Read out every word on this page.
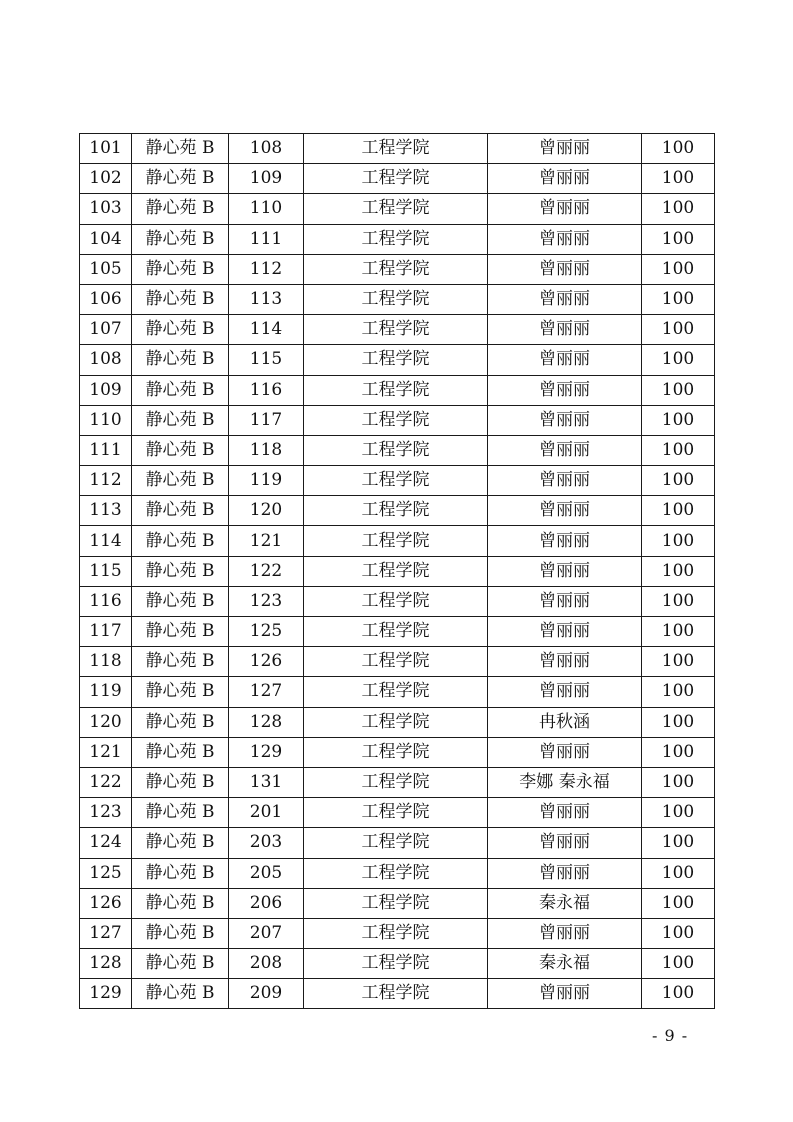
101	静心苑 B	108	工程学院	曾丽丽	100
102	静心苑 B	109	工程学院	曾丽丽	100
103	静心苑 B	110	工程学院	曾丽丽	100
104	静心苑 B	111	工程学院	曾丽丽	100
105	静心苑 B	112	工程学院	曾丽丽	100
106	静心苑 B	113	工程学院	曾丽丽	100
107	静心苑 B	114	工程学院	曾丽丽	100
108	静心苑 B	115	工程学院	曾丽丽	100
109	静心苑 B	116	工程学院	曾丽丽	100
110	静心苑 B	117	工程学院	曾丽丽	100
111	静心苑 B	118	工程学院	曾丽丽	100
112	静心苑 B	119	工程学院	曾丽丽	100
113	静心苑 B	120	工程学院	曾丽丽	100
114	静心苑 B	121	工程学院	曾丽丽	100
115	静心苑 B	122	工程学院	曾丽丽	100
116	静心苑 B	123	工程学院	曾丽丽	100
117	静心苑 B	125	工程学院	曾丽丽	100
118	静心苑 B	126	工程学院	曾丽丽	100
119	静心苑 B	127	工程学院	曾丽丽	100
120	静心苑 B	128	工程学院	冉秋涵	100
121	静心苑 B	129	工程学院	曾丽丽	100
122	静心苑 B	131	工程学院	李娜 秦永福	100
123	静心苑 B	201	工程学院	曾丽丽	100
124	静心苑 B	203	工程学院	曾丽丽	100
125	静心苑 B	205	工程学院	曾丽丽	100
126	静心苑 B	206	工程学院	秦永福	100
127	静心苑 B	207	工程学院	曾丽丽	100
128	静心苑 B	208	工程学院	秦永福	100
129	静心苑 B	209	工程学院	曾丽丽	100
- 9 -
